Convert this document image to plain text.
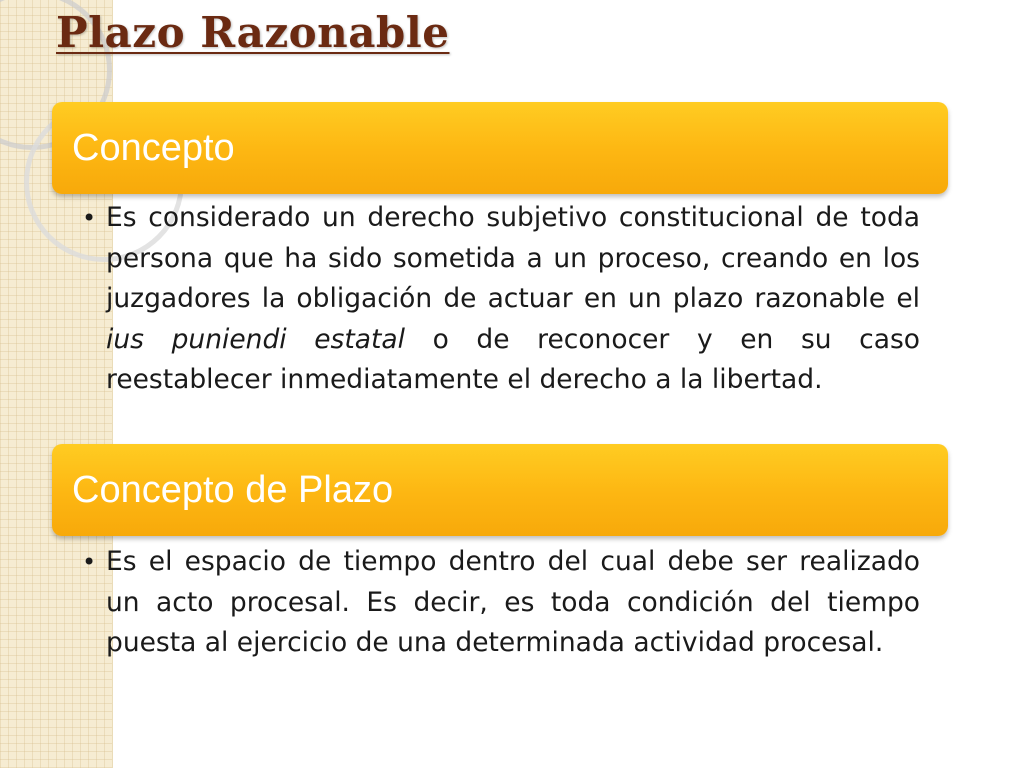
Plazo Razonable
Concepto
• Es considerado un derecho subjetivo constitucional de toda persona que ha sido sometida a un proceso, creando en los juzgadores la obligación de actuar en un plazo razonable el ius puniendi estatal o de reconocer y en su caso reestablecer inmediatamente el derecho a la libertad.
Concepto de Plazo
• Es el espacio de tiempo dentro del cual debe ser realizado un acto procesal. Es decir, es toda condición del tiempo puesta al ejercicio de una determinada actividad procesal.
